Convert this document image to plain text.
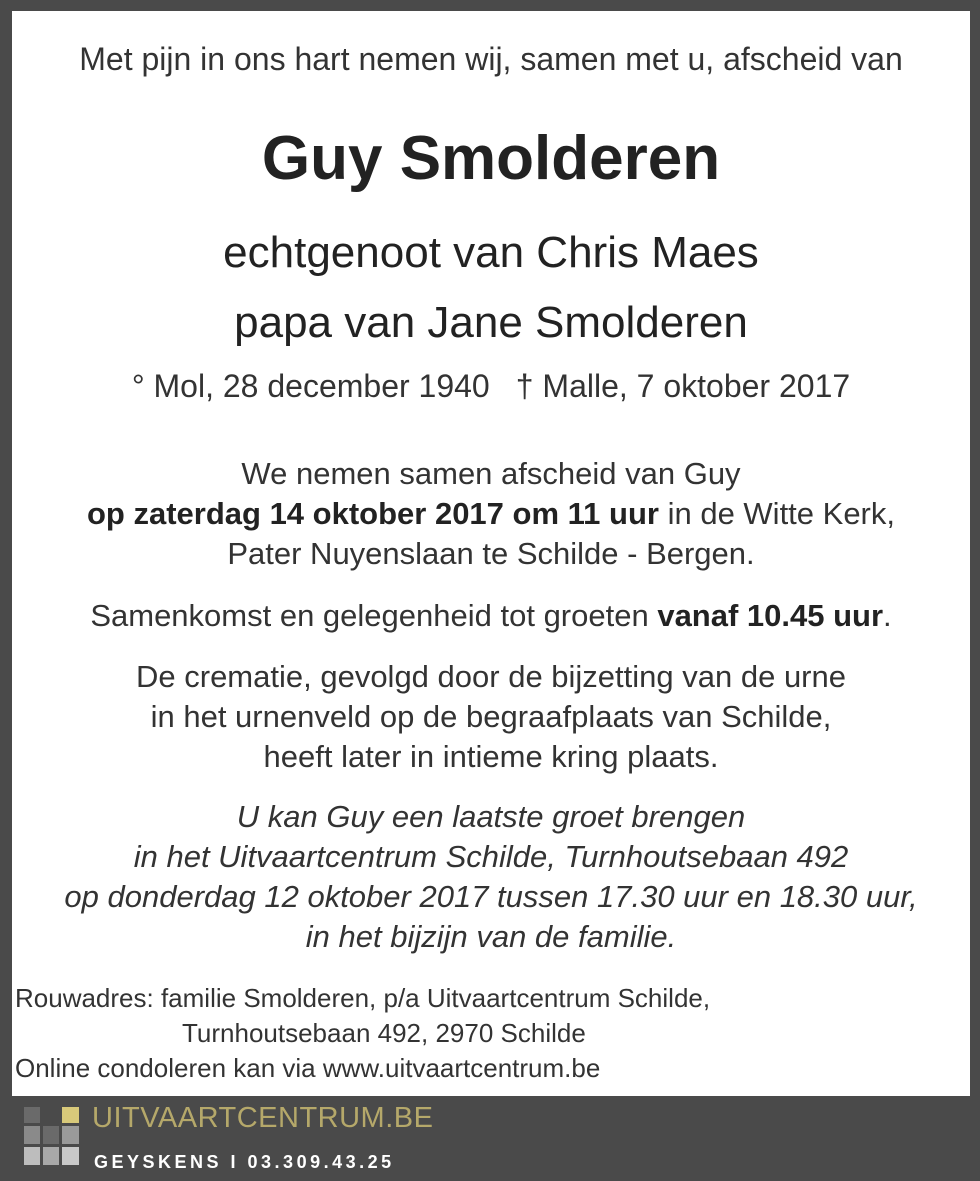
Met pijn in ons hart nemen wij, samen met u, afscheid van
Guy Smolderen
echtgenoot van Chris Maes
papa van Jane Smolderen
° Mol, 28 december 1940 † Malle, 7 oktober 2017
We nemen samen afscheid van Guy
op zaterdag 14 oktober 2017 om 11 uur in de Witte Kerk,
Pater Nuyenslaan te Schilde - Bergen.
Samenkomst en gelegenheid tot groeten vanaf 10.45 uur.
De crematie, gevolgd door de bijzetting van de urne
in het urnenveld op de begraafplaats van Schilde,
heeft later in intieme kring plaats.
U kan Guy een laatste groet brengen
in het Uitvaartcentrum Schilde, Turnhoutsebaan 492
op donderdag 12 oktober 2017 tussen 17.30 uur en 18.30 uur,
in het bijzijn van de familie.
Rouwadres: familie Smolderen, p/a Uitvaartcentrum Schilde,
Turnhoutsebaan 492, 2970 Schilde
Online condoleren kan via www.uitvaartcentrum.be
UITVAARTCENTRUM.BE
GEYSKENS I 03.309.43.25
